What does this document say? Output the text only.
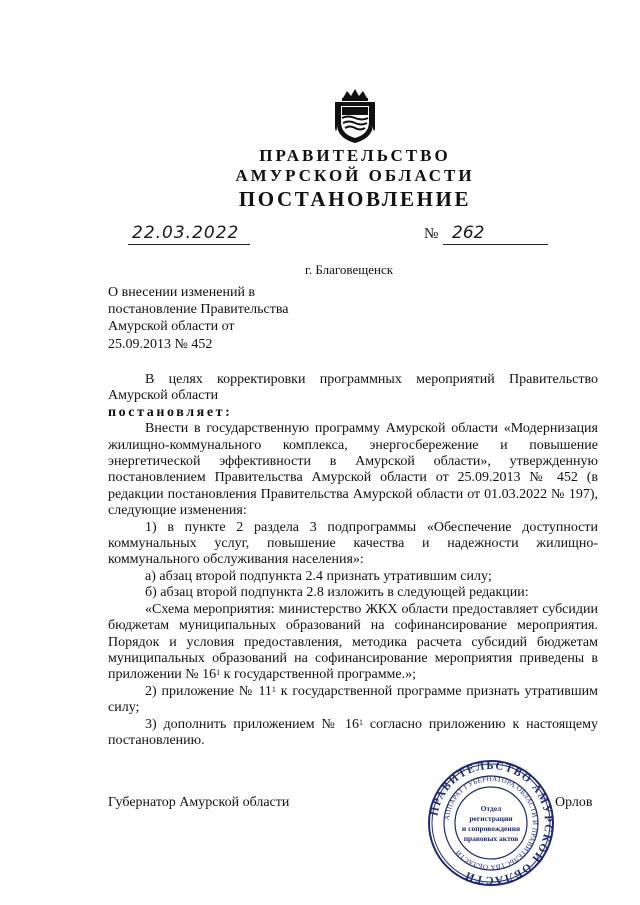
ПРАВИТЕЛЬСТВО
АМУРСКОЙ ОБЛАСТИ
ПОСТАНОВЛЕНИЕ
22.03.2022	№ 262
г. Благовещенск
О внесении изменений в
постановление Правительства
Амурской области от
25.09.2013 № 452

В целях корректировки программных мероприятий Правительство Амурской области

постановляет:

Внести в государственную программу Амурской области «Модернизация жилищно-коммунального комплекса, энергосбережение и повышение энергетической эффективности в Амурской области», утвержденную постановлением Правительства Амурской области от 25.09.2013 № 452 (в редакции постановления Правительства Амурской области от 01.03.2022 № 197), следующие изменения:

1) в пункте 2 раздела 3 подпрограммы «Обеспечение доступности коммунальных услуг, повышение качества и надежности жилищно-коммунального обслуживания населения»:

а) абзац второй подпункта 2.4 признать утратившим силу;

б) абзац второй подпункта 2.8 изложить в следующей редакции:

«Схема мероприятия: министерство ЖКХ области предоставляет субсидии бюджетам муниципальных образований на софинансирование мероприятия. Порядок и условия предоставления, методика расчета субсидий бюджетам муниципальных образований на софинансирование мероприятия приведены в приложении № $16^1$ к государственной программе.»;

2) приложение № $11^1$ к государственной программе признать утратившим силу;

3) дополнить приложением № $16^1$ согласно приложению к настоящему постановлению.

Губернатор Амурской области	Орлов
ПРАВИТЕЛЬСТВО АМУРСКОЙ ОБЛАСТИ
АППАРАТ ГУБЕРНАТОРА ОБЛАСТИ И ПРАВИТЕЛЬСТВА ОБЛАСТИ
Отдел
регистрации
и сопровождения
правовых актов
